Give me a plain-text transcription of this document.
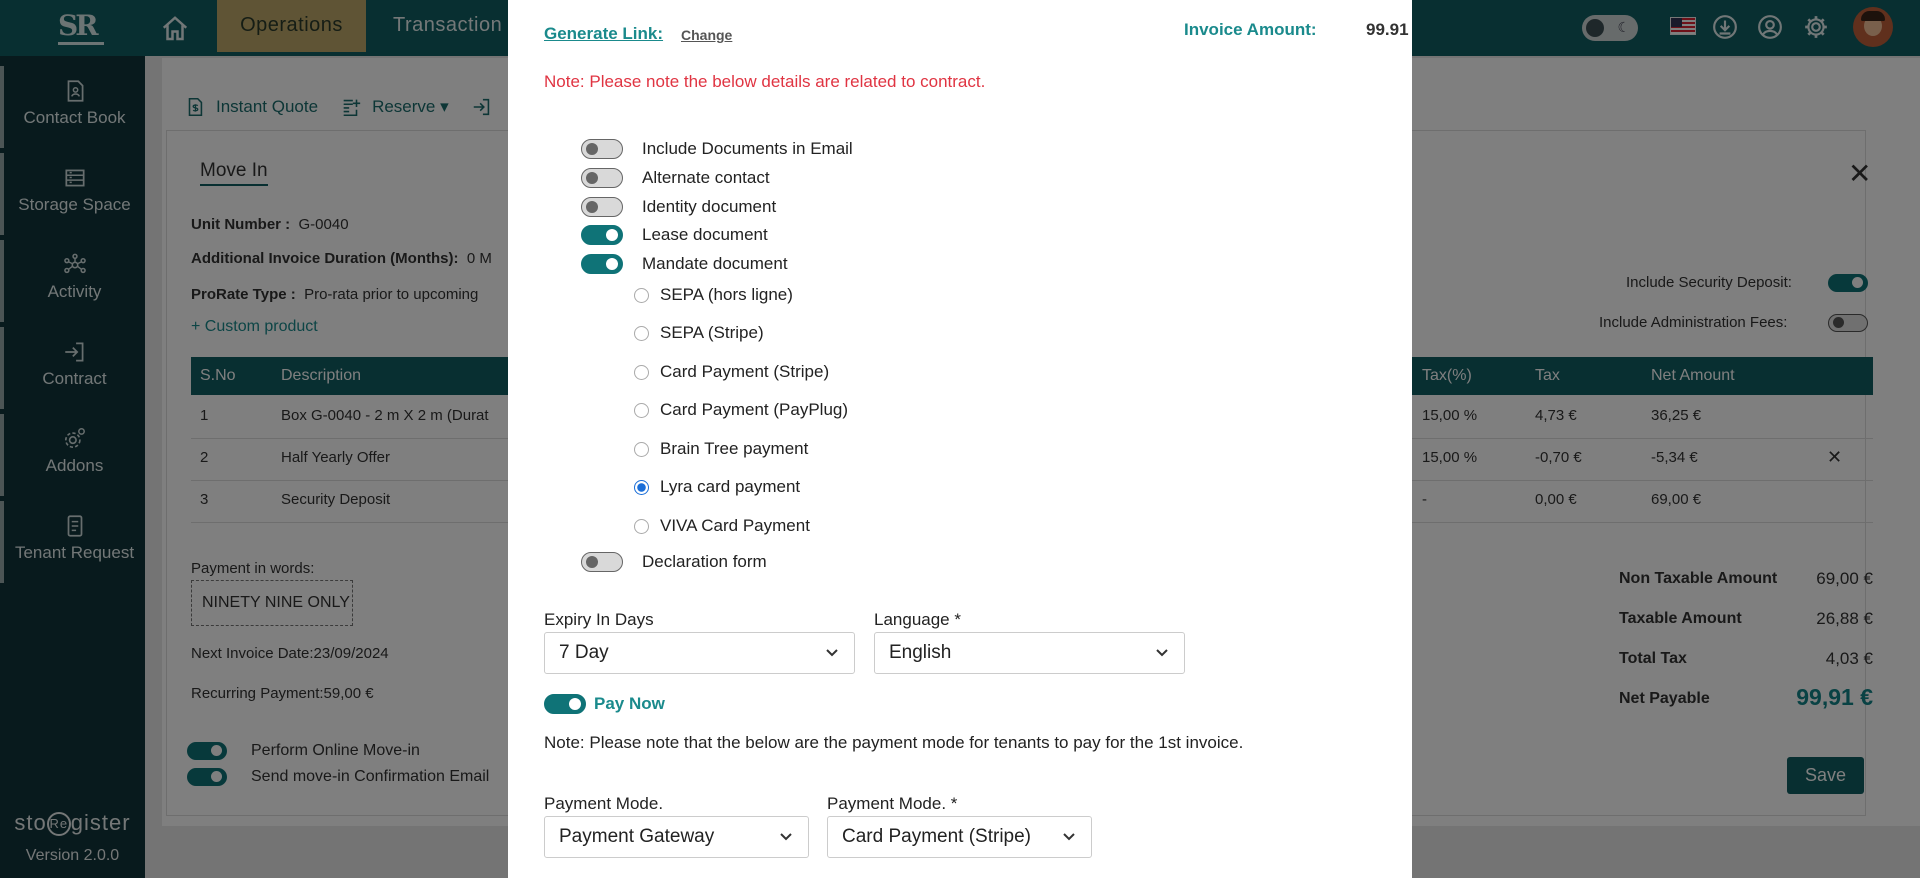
Generate Link: Change	Invoice Amount:	99.91
Note: Please note the below details are related to contract.
Include Documents in Email
Alternate contact
Identity document
Lease document
Mandate document
SEPA (hors ligne)
SEPA (Stripe)
Card Payment (Stripe)
Card Payment (PayPlug)
Brain Tree payment
Lyra card payment
VIVA Card Payment
Declaration form
Expiry In Days
7 Day
Language *
English
Pay Now
Note: Please note that the below are the payment mode for tenants to pay for the 1st invoice.
Payment Mode.
Payment Gateway
Payment Mode. *
Card Payment (Stripe)
